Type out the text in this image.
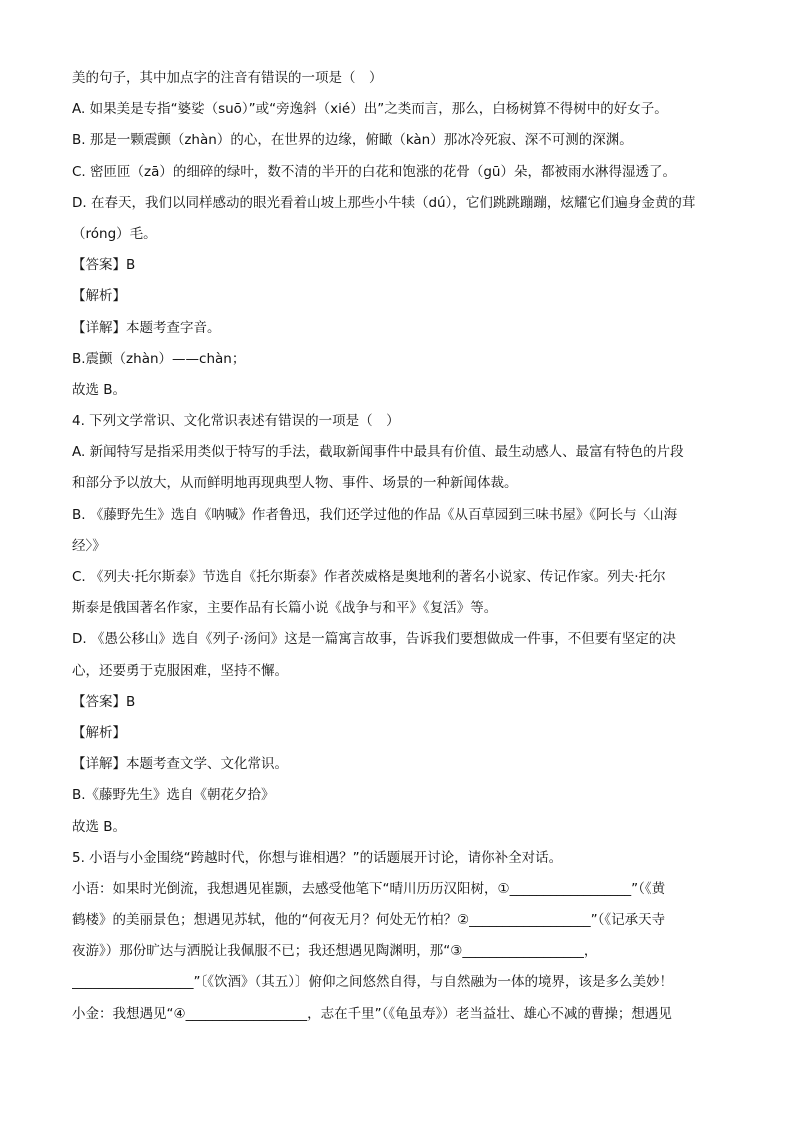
美的句子，其中加点字的注音有错误的一项是（　）
A. 如果美是专指“婆娑（suō）”或“旁逸斜（xié）出”之类而言，那么，白杨树算不得树中的好女子。
B. 那是一颗震颤（zhàn）的心，在世界的边缘，俯瞰（kàn）那冰冷死寂、深不可测的深渊。
C. 密匝匝（zā）的细碎的绿叶，数不清的半开的白花和饱涨的花骨（gū）朵，都被雨水淋得湿透了。
D. 在春天，我们以同样感动的眼光看着山坡上那些小牛犊（dú），它们跳跳蹦蹦，炫耀它们遍身金黄的茸
（róng）毛。
【答案】B
【解析】
【详解】本题考查字音。
B.震颤（zhàn）——chàn；
故选 B。
4. 下列文学常识、文化常识表述有错误的一项是（　）
A. 新闻特写是指采用类似于特写的手法，截取新闻事件中最具有价值、最生动感人、最富有特色的片段
和部分予以放大，从而鲜明地再现典型人物、事件、场景的一种新闻体裁。
B. 《藤野先生》选自《呐喊》作者鲁迅，我们还学过他的作品《从百草园到三味书屋》《阿长与〈山海
经〉》
C. 《列夫·托尔斯泰》节选自《托尔斯泰》作者茨威格是奥地利的著名小说家、传记作家。列夫·托尔
斯泰是俄国著名作家，主要作品有长篇小说《战争与和平》《复活》等。
D. 《愚公移山》选自《列子·汤问》这是一篇寓言故事，告诉我们要想做成一件事，不但要有坚定的决
心，还要勇于克服困难，坚持不懈。
【答案】B
【解析】
【详解】本题考查文学、文化常识。
B.《藤野先生》选自《朝花夕拾》
故选 B。
5. 小语与小金围绕“跨越时代，你想与谁相遇？”的话题展开讨论，请你补全对话。
小语：如果时光倒流，我想遇见崔颢，去感受他笔下“晴川历历汉阳树，①__________________”（《黄
鹤楼》的美丽景色；想遇见苏轼，他的“何夜无月？何处无竹柏？②__________________”（《记承天寺
夜游》）那份旷达与洒脱让我佩服不已；我还想遇见陶渊明，那“③__________________，
__________________”〔《饮酒》（其五）〕俯仰之间悠然自得，与自然融为一体的境界，该是多么美妙！
小金：我想遇见“④__________________，志在千里”（《龟虽寿》）老当益壮、雄心不减的曹操；想遇见
